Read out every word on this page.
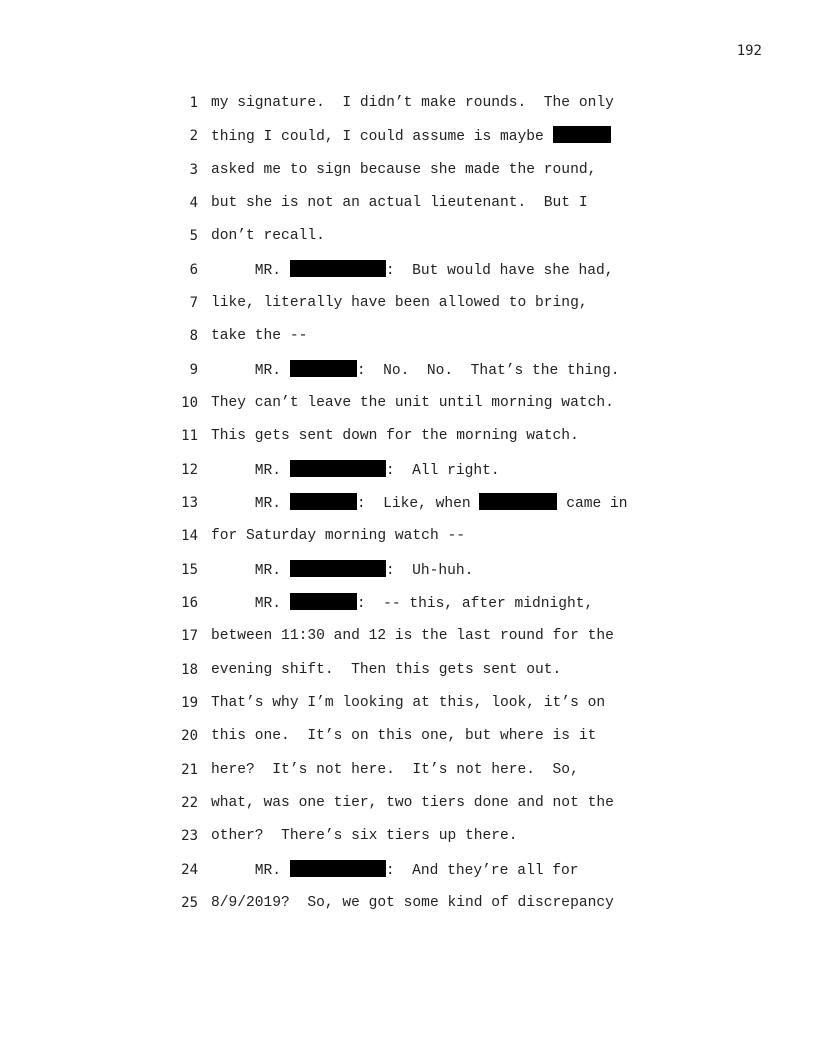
192
1 my signature.  I didn’t make rounds.  The only
2 thing I could, I could assume is maybe
3 asked me to sign because she made the round,
4 but she is not an actual lieutenant.  But I
5 don’t recall.
6 MR.	:  But would have she had,
7 like, literally have been allowed to bring,
8 take the --
9 MR.	:  No.  No.  That’s the thing.
10 They can’t leave the unit until morning watch.
11 This gets sent down for the morning watch.
12 MR.	:  All right.
13 MR.	:  Like, when	came in
14 for Saturday morning watch --
15 MR.	:  Uh-huh.
16 MR.	:  -- this, after midnight,
17 between 11:30 and 12 is the last round for the
18 evening shift.  Then this gets sent out.
19 That’s why I’m looking at this, look, it’s on
20 this one.  It’s on this one, but where is it
21 here?  It’s not here.  It’s not here.  So,
22 what, was one tier, two tiers done and not the
23 other?  There’s six tiers up there.
24 MR.	:  And they’re all for
25 8/9/2019?  So, we got some kind of discrepancy
